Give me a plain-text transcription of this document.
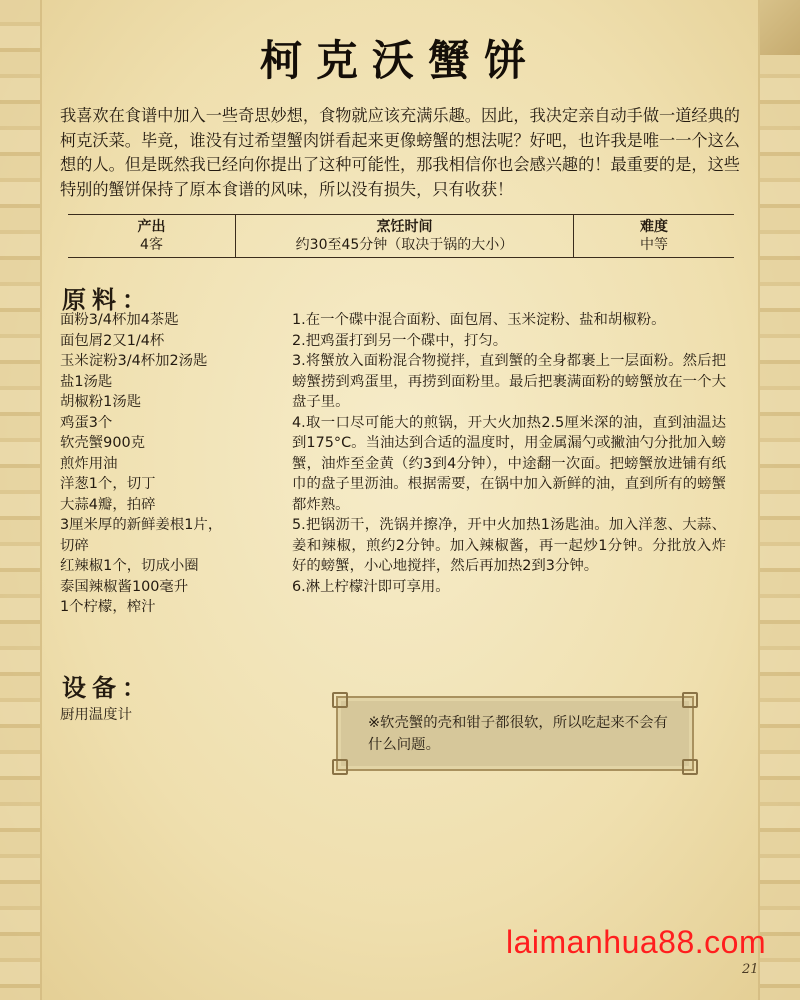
柯克沃蟹饼
我喜欢在食谱中加入一些奇思妙想，食物就应该充满乐趣。因此，我决定亲自动手做一道经典的柯克沃菜。毕竟，谁没有过希望蟹肉饼看起来更像螃蟹的想法呢？好吧，也许我是唯一一个这么想的人。但是既然我已经向你提出了这种可能性，那我相信你也会感兴趣的！最重要的是，这些特别的蟹饼保持了原本食谱的风味，所以没有损失，只有收获！
产出
4客
烹饪时间
约30至45分钟（取决于锅的大小）
难度
中等
原料：
面粉3/4杯加4茶匙
面包屑2又1/4杯
玉米淀粉3/4杯加2汤匙
盐1汤匙
胡椒粉1汤匙
鸡蛋3个
软壳蟹900克
煎炸用油
洋葱1个，切丁
大蒜4瓣，拍碎
3厘米厚的新鲜姜根1片，
切碎
红辣椒1个，切成小圈
泰国辣椒酱100毫升
1个柠檬，榨汁
1.在一个碟中混合面粉、面包屑、玉米淀粉、盐和胡椒粉。
2.把鸡蛋打到另一个碟中，打匀。
3.将蟹放入面粉混合物搅拌，直到蟹的全身都裹上一层面粉。然后把螃蟹捞到鸡蛋里，再捞到面粉里。最后把裹满面粉的螃蟹放在一个大盘子里。
4.取一口尽可能大的煎锅，开大火加热2.5厘米深的油，直到油温达到175°C。当油达到合适的温度时，用金属漏勺或撇油勺分批加入螃蟹，油炸至金黄（约3到4分钟），中途翻一次面。把螃蟹放进铺有纸巾的盘子里沥油。根据需要，在锅中加入新鲜的油，直到所有的螃蟹都炸熟。
5.把锅沥干，洗锅并擦净，开中火加热1汤匙油。加入洋葱、大蒜、姜和辣椒，煎约2分钟。加入辣椒酱，再一起炒1分钟。分批放入炸好的螃蟹，小心地搅拌，然后再加热2到3分钟。
6.淋上柠檬汁即可享用。
设备：
厨用温度计	※软壳蟹的壳和钳子都很软，所以吃起来不会有什么问题。
laimanhua88.com
21
